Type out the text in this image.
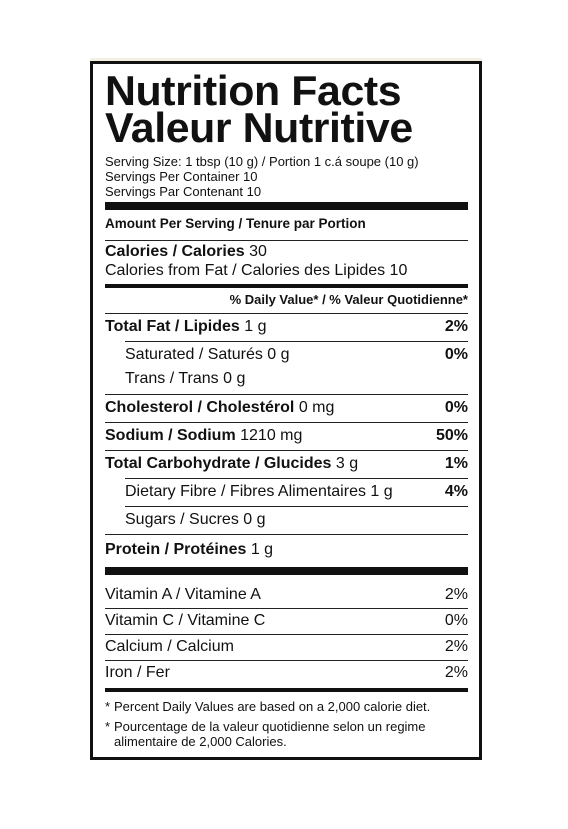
Nutrition Facts
Valeur Nutritive
Serving Size: 1 tbsp (10 g) / Portion 1 c.á soupe (10 g)
Servings Per Container 10
Servings Par Contenant 10
Amount Per Serving / Tenure par Portion
Calories / Calories 30
Calories from Fat / Calories des Lipides 10
% Daily Value* / % Valeur Quotidienne*
Total Fat / Lipides 1 g	2%
Saturated / Saturés 0 g	0%
Trans / Trans 0 g
Cholesterol / Cholestérol 0 mg	0%
Sodium / Sodium 1210 mg	50%
Total Carbohydrate / Glucides 3 g	1%
Dietary Fibre / Fibres Alimentaires 1 g	4%
Sugars / Sucres 0 g
Protein / Protéines 1 g
Vitamin A / Vitamine A	2%
Vitamin C / Vitamine C	0%
Calcium / Calcium	2%
Iron / Fer	2%
* Percent Daily Values are based on a 2,000 calorie diet.
* Pourcentage de la valeur quotidienne selon un regime alimentaire de 2,000 Calories.
